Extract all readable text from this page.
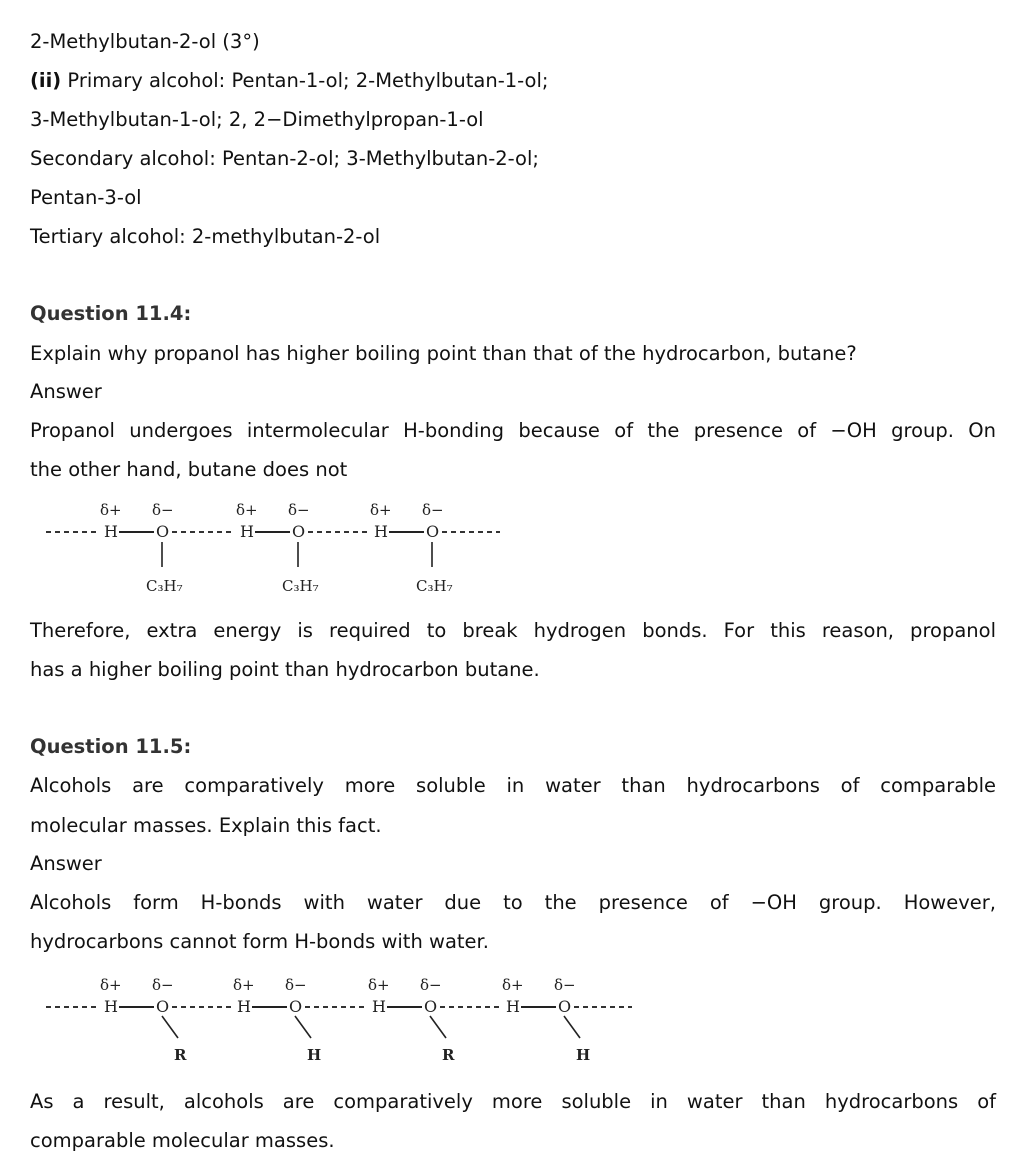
2-Methylbutan-2-ol (3°)
(ii) Primary alcohol: Pentan-1-ol; 2-Methylbutan-1-ol;
3-Methylbutan-1-ol; 2, 2−Dimethylpropan-1-ol
Secondary alcohol: Pentan-2-ol; 3-Methylbutan-2-ol;
Pentan-3-ol
Tertiary alcohol: 2-methylbutan-2-ol
Question 11.4:
Explain why propanol has higher boiling point than that of the hydrocarbon, butane?
Answer
Propanol undergoes intermolecular H-bonding because of the presence of −OH group. On
the other hand, butane does not
δ+ δ−
H O
C₃H₇
δ+ δ−
H O
C₃H₇
δ+ δ−
H O
C₃H₇
Therefore, extra energy is required to break hydrogen bonds. For this reason, propanol
has a higher boiling point than hydrocarbon butane.
Question 11.5:
Alcohols are comparatively more soluble in water than hydrocarbons of comparable
molecular masses. Explain this fact.
Answer
Alcohols form H-bonds with water due to the presence of −OH group. However,
hydrocarbons cannot form H-bonds with water.
δ+ δ−
H O
R
δ+ δ−
H O
H
δ+ δ−
H O
R
δ+ δ−
H O
H
As a result, alcohols are comparatively more soluble in water than hydrocarbons of
comparable molecular masses.
